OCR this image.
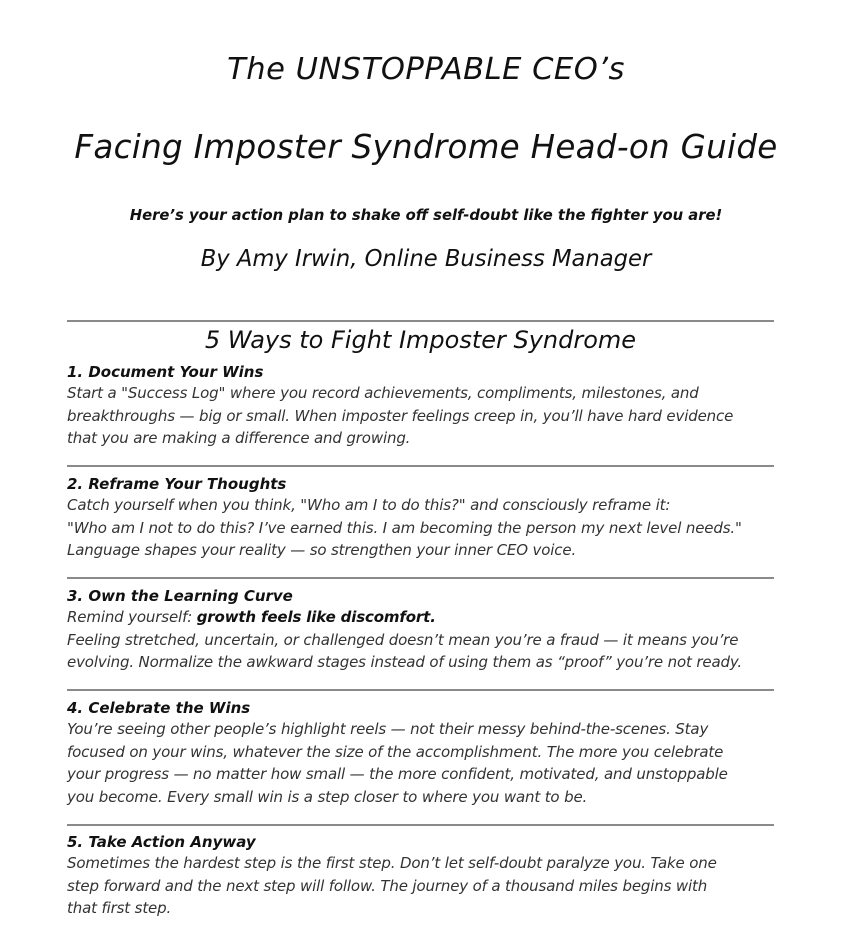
The UNSTOPPABLE CEO’s
Facing Imposter Syndrome Head-on Guide
Here’s your action plan to shake off self-doubt like the fighter you are!
By Amy Irwin, Online Business Manager
5 Ways to Fight Imposter Syndrome
1. Document Your Wins
Start a "Success Log" where you record achievements, compliments, milestones, and
breakthroughs — big or small. When imposter feelings creep in, you’ll have hard evidence
that you are making a difference and growing.
2. Reframe Your Thoughts
Catch yourself when you think, "Who am I to do this?" and consciously reframe it:
"Who am I not to do this? I’ve earned this. I am becoming the person my next level needs."
Language shapes your reality — so strengthen your inner CEO voice.
3. Own the Learning Curve
Remind yourself: growth feels like discomfort.
Feeling stretched, uncertain, or challenged doesn’t mean you’re a fraud — it means you’re
evolving. Normalize the awkward stages instead of using them as “proof” you’re not ready.
4. Celebrate the Wins
You’re seeing other people’s highlight reels — not their messy behind-the-scenes. Stay
focused on your wins, whatever the size of the accomplishment. The more you celebrate
your progress — no matter how small — the more confident, motivated, and unstoppable
you become. Every small win is a step closer to where you want to be.
5. Take Action Anyway
Sometimes the hardest step is the first step. Don’t let self-doubt paralyze you. Take one
step forward and the next step will follow. The journey of a thousand miles begins with
that first step.
